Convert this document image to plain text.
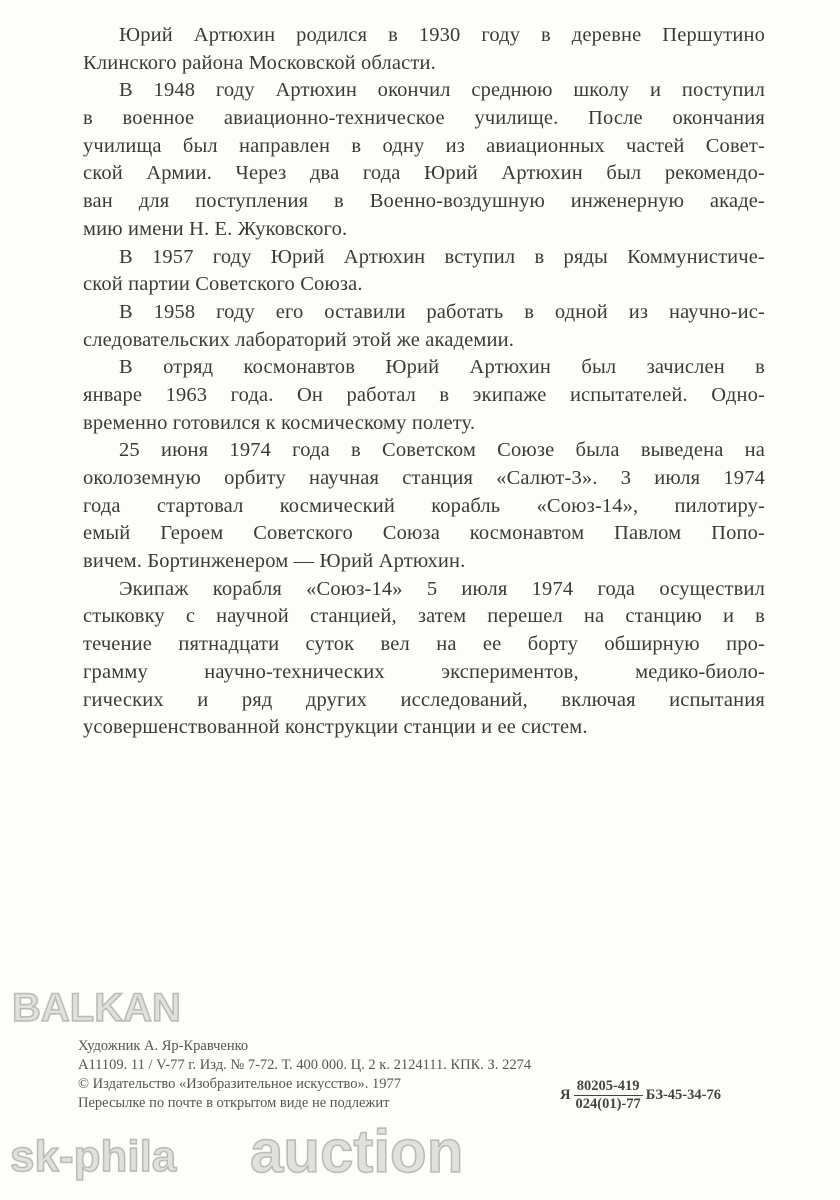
Юрий Артюхин родился в 1930 году в деревне Першутино
Клинского района Московской области.
В 1948 году Артюхин окончил среднюю школу и поступил
в военное авиационно-техническое училище. После окончания
училища был направлен в одну из авиационных частей Совет-
ской Армии. Через два года Юрий Артюхин был рекомендо-
ван для поступления в Военно-воздушную инженерную акаде-
мию имени Н. Е. Жуковского.
В 1957 году Юрий Артюхин вступил в ряды Коммунистиче-
ской партии Советского Союза.
В 1958 году его оставили работать в одной из научно-ис-
следовательских лабораторий этой же академии.
В отряд космонавтов Юрий Артюхин был зачислен в
январе 1963 года. Он работал в экипаже испытателей. Одно-
временно готовился к космическому полету.
25 июня 1974 года в Советском Союзе была выведена на
околоземную орбиту научная станция «Салют-3». 3 июля 1974
года стартовал космический корабль «Союз-14», пилотиру-
емый Героем Советского Союза космонавтом Павлом Попо-
вичем. Бортинженером — Юрий Артюхин.
Экипаж корабля «Союз-14» 5 июля 1974 года осуществил
стыковку с научной станцией, затем перешел на станцию и в
течение пятнадцати суток вел на ее борту обширную про-
грамму научно-технических экспериментов, медико-биоло-
гических и ряд других исследований, включая испытания
усовершенствованной конструкции станции и ее систем.
Художник А. Яр-Кравченко
А11109. 11 / V-77 г. Изд. № 7-72. Т. 400 000. Ц. 2 к. 2124111. КПК. З. 2274
© Издательство «Изобразительное искусство». 1977
Пересылке по почте в открытом виде не подлежит	Я $\frac{80205-419}{024(01)-77} БЗ-45-34-76$
BALKAN
auction
sk-phila
